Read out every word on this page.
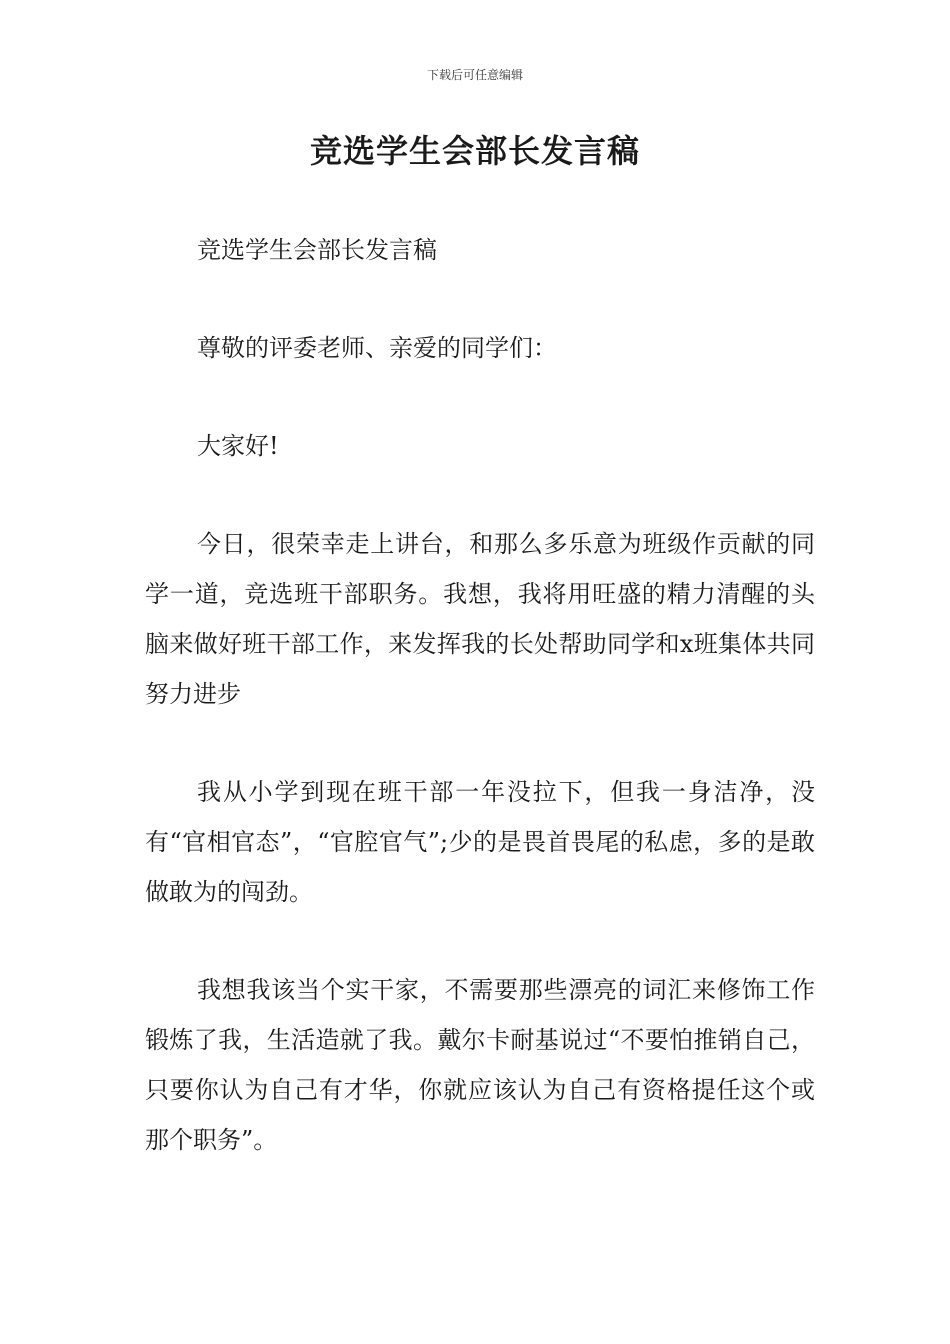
下载后可任意编辑
竞选学生会部长发言稿

竞选学生会部长发言稿

尊敬的评委老师、亲爱的同学们：

大家好!

今日，很荣幸走上讲台，和那么多乐意为班级作贡献的同学一道，竞选班干部职务。我想，我将用旺盛的精力清醒的头脑来做好班干部工作，来发挥我的长处帮助同学和x班集体共同努力进步

我从小学到现在班干部一年没拉下，但我一身洁净，没有“官相官态”，“官腔官气”;少的是畏首畏尾的私虑，多的是敢做敢为的闯劲。

我想我该当个实干家，不需要那些漂亮的词汇来修饰工作锻炼了我，生活造就了我。戴尔卡耐基说过“不要怕推销自己，只要你认为自己有才华，你就应该认为自己有资格提任这个或那个职务”。
